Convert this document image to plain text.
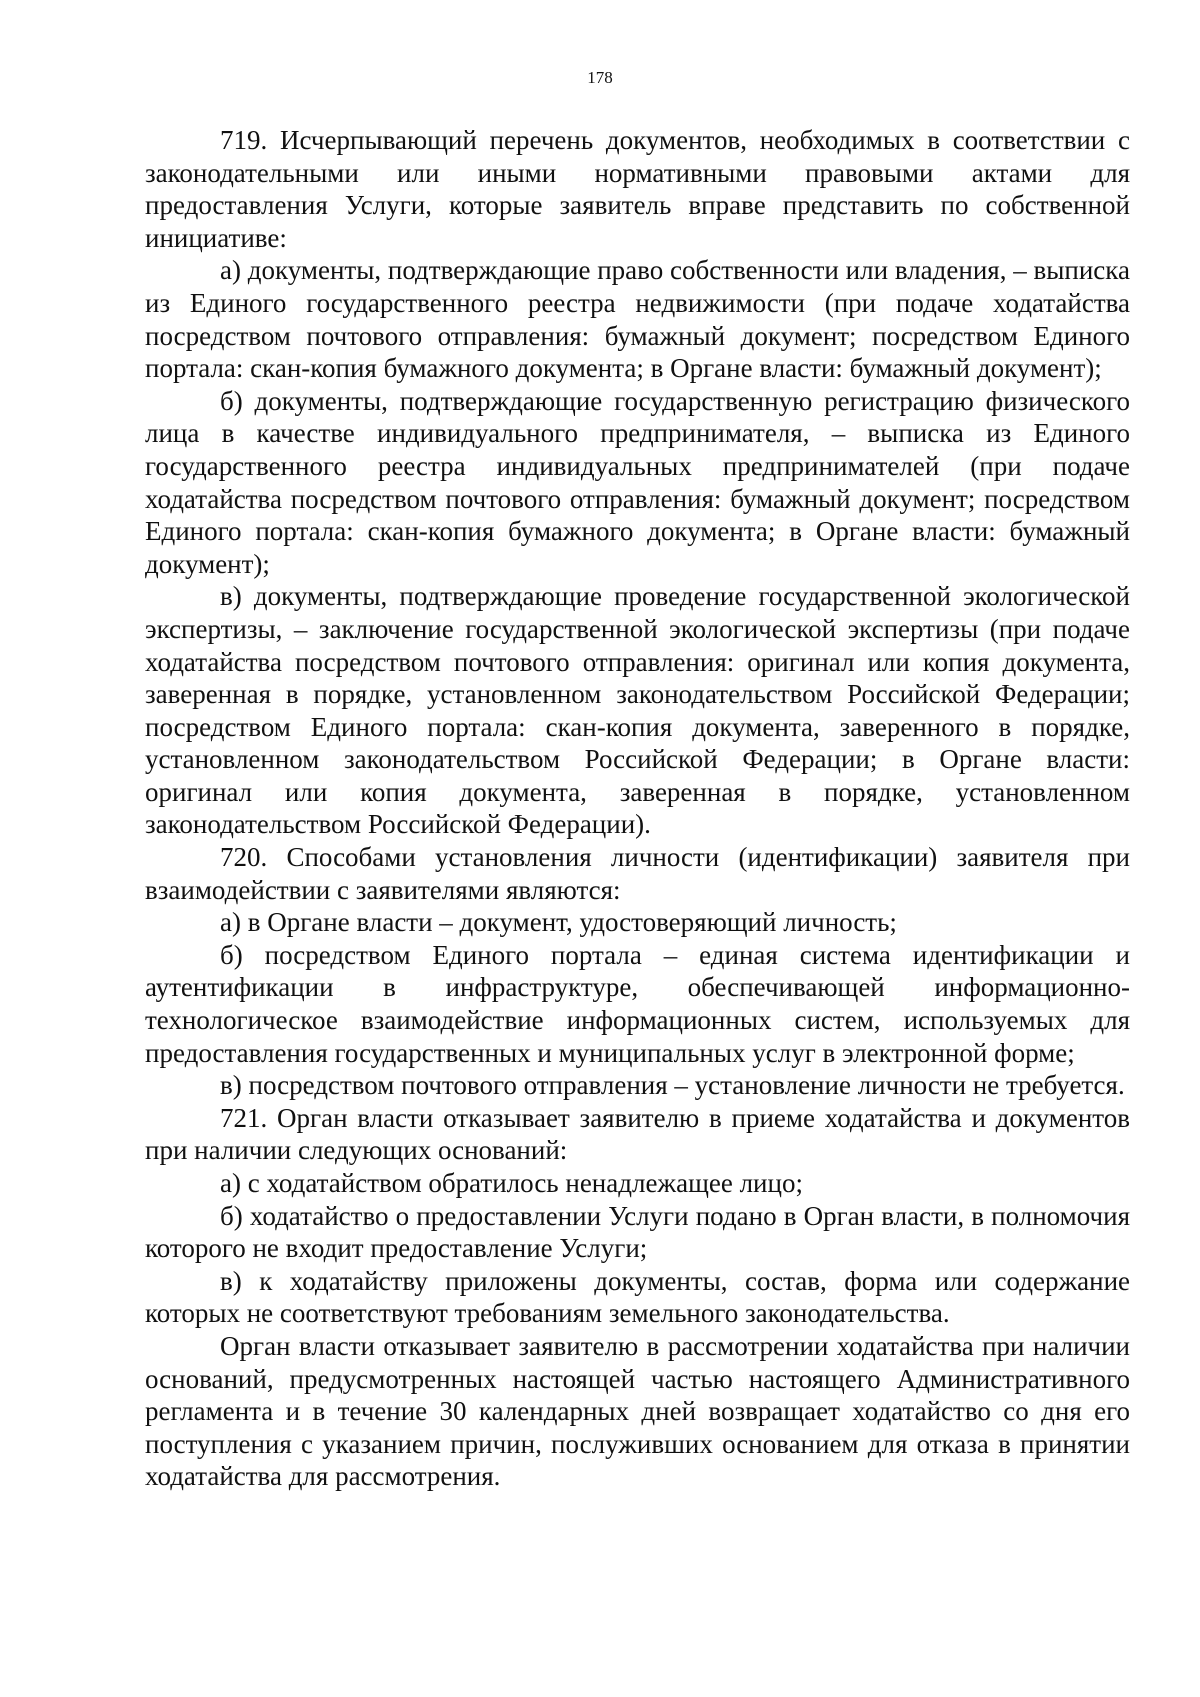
178

719. Исчерпывающий перечень документов, необходимых в соответствии с законодательными или иными нормативными правовыми актами для предоставления Услуги, которые заявитель вправе представить по собственной инициативе:

а) документы, подтверждающие право собственности или владения, – выписка из Единого государственного реестра недвижимости (при подаче ходатайства посредством почтового отправления: бумажный документ; посредством Единого портала: скан-копия бумажного документа; в Органе власти: бумажный документ);

б) документы, подтверждающие государственную регистрацию физического лица в качестве индивидуального предпринимателя, – выписка из Единого государственного реестра индивидуальных предпринимателей (при подаче ходатайства посредством почтового отправления: бумажный документ; посредством Единого портала: скан-копия бумажного документа; в Органе власти: бумажный документ);

в) документы, подтверждающие проведение государственной экологической экспертизы, – заключение государственной экологической экспертизы (при подаче ходатайства посредством почтового отправления: оригинал или копия документа, заверенная в порядке, установленном законодательством Российской Федерации; посредством Единого портала: скан-копия документа, заверенного в порядке, установленном законодательством Российской Федерации; в Органе власти: оригинал или копия документа, заверенная в порядке, установленном законодательством Российской Федерации).

720. Способами установления личности (идентификации) заявителя при взаимодействии с заявителями являются:

а) в Органе власти – документ, удостоверяющий личность;

б) посредством Единого портала – единая система идентификации и аутентификации в инфраструктуре, обеспечивающей информационно-технологическое взаимодействие информационных систем, используемых для предоставления государственных и муниципальных услуг в электронной форме;

в) посредством почтового отправления – установление личности не требуется.

721. Орган власти отказывает заявителю в приеме ходатайства и документов при наличии следующих оснований:

а) с ходатайством обратилось ненадлежащее лицо;

б) ходатайство о предоставлении Услуги подано в Орган власти, в полномочия которого не входит предоставление Услуги;

в) к ходатайству приложены документы, состав, форма или содержание которых не соответствуют требованиям земельного законодательства.

Орган власти отказывает заявителю в рассмотрении ходатайства при наличии оснований, предусмотренных настоящей частью настоящего Административного регламента и в течение 30 календарных дней возвращает ходатайство со дня его поступления с указанием причин, послуживших основанием для отказа в принятии ходатайства для рассмотрения.
